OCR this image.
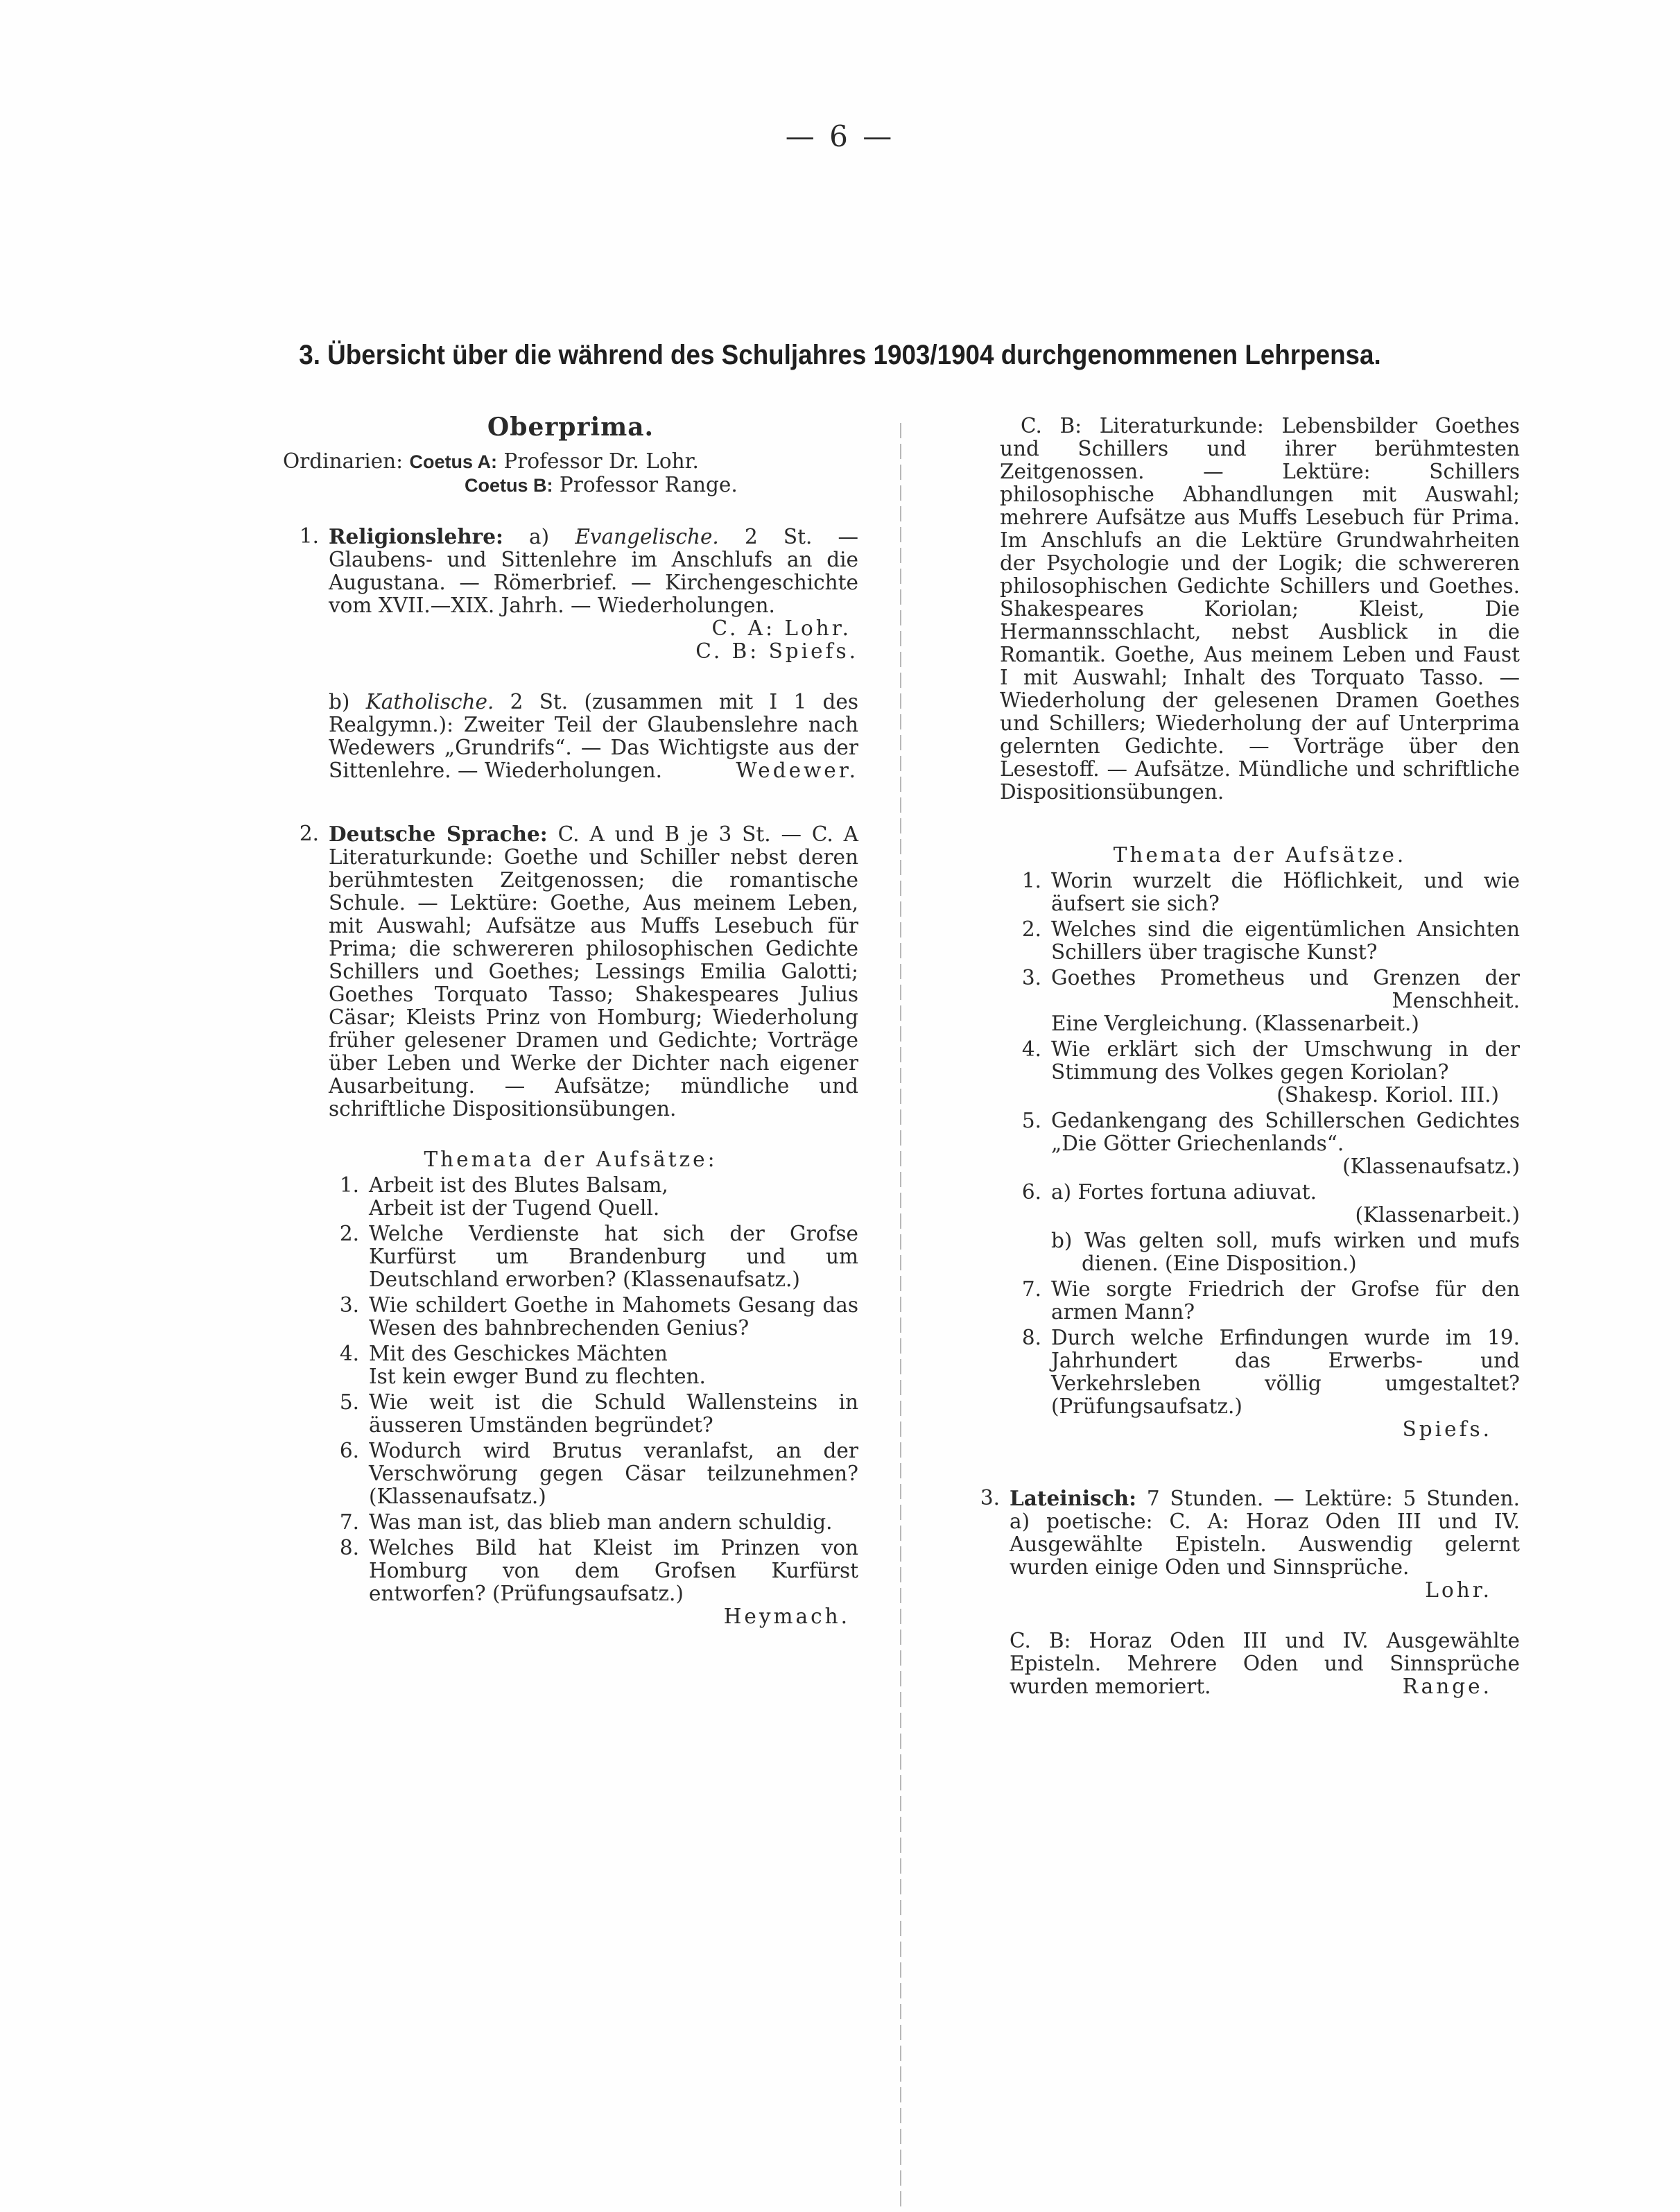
— 6 —
3. Übersicht über die während des Schuljahres 1903/1904 durchgenommenen Lehrpensa.

Oberprima.

Ordinarien: Coetus A: Professor Dr. Lohr.
Coetus B: Professor Range.
1. Religionslehre: a) Evangelische. 2 St. — Glaubens- und Sittenlehre im Anschlufs an die Augustana. — Römerbrief. — Kirchengeschichte vom XVII.—XIX. Jahrh. — Wiederholungen.

C. A: Lohr.

C. B: Spiefs.

b) Katholische. 2 St. (zusammen mit I 1 des Realgymn.): Zweiter Teil der Glaubenslehre nach Wedewers „Grundrifs“. — Das Wichtigste aus der Sittenlehre. — Wiederholungen.	Wedewer.

2. Deutsche Sprache: C. A und B je 3 St. — C. A Literaturkunde: Goethe und Schiller nebst deren berühmtesten Zeitgenossen; die romantische Schule. — Lektüre: Goethe, Aus meinem Leben, mit Auswahl; Aufsätze aus Muffs Lesebuch für Prima; die schwereren philosophischen Gedichte Schillers und Goethes; Lessings Emilia Galotti; Goethes Torquato Tasso; Shakespeares Julius Cäsar; Kleists Prinz von Homburg; Wiederholung früher gelesener Dramen und Gedichte; Vorträge über Leben und Werke der Dichter nach eigener Ausarbeitung. — Aufsätze; mündliche und schriftliche Dispositionsübungen.

Themata der Aufsätze:

1. Arbeit ist des Blutes Balsam,
Arbeit ist der Tugend Quell.
2. Welche Verdienste hat sich der Grofse Kurfürst um Brandenburg und um Deutschland erworben? (Klassenaufsatz.)
3. Wie schildert Goethe in Mahomets Gesang das Wesen des bahnbrechenden Genius?
4. Mit des Geschickes Mächten
Ist kein ewger Bund zu flechten.
5. Wie weit ist die Schuld Wallensteins in äusseren Umständen begründet?
6. Wodurch wird Brutus veranlafst, an der Verschwörung gegen Cäsar teilzunehmen? (Klassenaufsatz.)
7. Was man ist, das blieb man andern schuldig.
8. Welches Bild hat Kleist im Prinzen von Homburg von dem Grofsen Kurfürst entworfen? (Prüfungsaufsatz.)

Heymach.

C. B: Literaturkunde: Lebensbilder Goethes und Schillers und ihrer berühmtesten Zeitgenossen. — Lektüre: Schillers philosophische Abhandlungen mit Auswahl; mehrere Aufsätze aus Muffs Lesebuch für Prima. Im Anschlufs an die Lektüre Grundwahrheiten der Psychologie und der Logik; die schwereren philosophischen Gedichte Schillers und Goethes. Shakespeares Koriolan; Kleist, Die Hermannsschlacht, nebst Ausblick in die Romantik. Goethe, Aus meinem Leben und Faust I mit Auswahl; Inhalt des Torquato Tasso. — Wiederholung der gelesenen Dramen Goethes und Schillers; Wiederholung der auf Unterprima gelernten Gedichte. — Vorträge über den Lesestoff. — Aufsätze. Mündliche und schriftliche Dispositionsübungen.

Themata der Aufsätze.

1. Worin wurzelt die Höflichkeit, und wie äufsert sie sich?
2. Welches sind die eigentümlichen Ansichten Schillers über tragische Kunst?
3. Goethes Prometheus und Grenzen der
Menschheit.
Eine Vergleichung. (Klassenarbeit.)
4. Wie erklärt sich der Umschwung in der Stimmung des Volkes gegen Koriolan?
(Shakesp. Koriol. III.)
5. Gedankengang des Schillerschen Gedichtes „Die Götter Griechenlands“.
(Klassenaufsatz.)
6. a) Fortes fortuna adiuvat.
(Klassenarbeit.)
b) Was gelten soll, mufs wirken und mufs dienen. (Eine Disposition.)
7. Wie sorgte Friedrich der Grofse für den armen Mann?
8. Durch welche Erfindungen wurde im 19. Jahrhundert das Erwerbs- und Verkehrsleben völlig umgestaltet? (Prüfungsaufsatz.)

Spiefs.

3. Lateinisch: 7 Stunden. — Lektüre: 5 Stunden. a) poetische: C. A: Horaz Oden III und IV. Ausgewählte Episteln. Auswendig gelernt wurden einige Oden und Sinnsprüche.

Lohr.

C. B: Horaz Oden III und IV. Ausgewählte Episteln. Mehrere Oden und Sinnsprüche wurden memoriert.	Range.
